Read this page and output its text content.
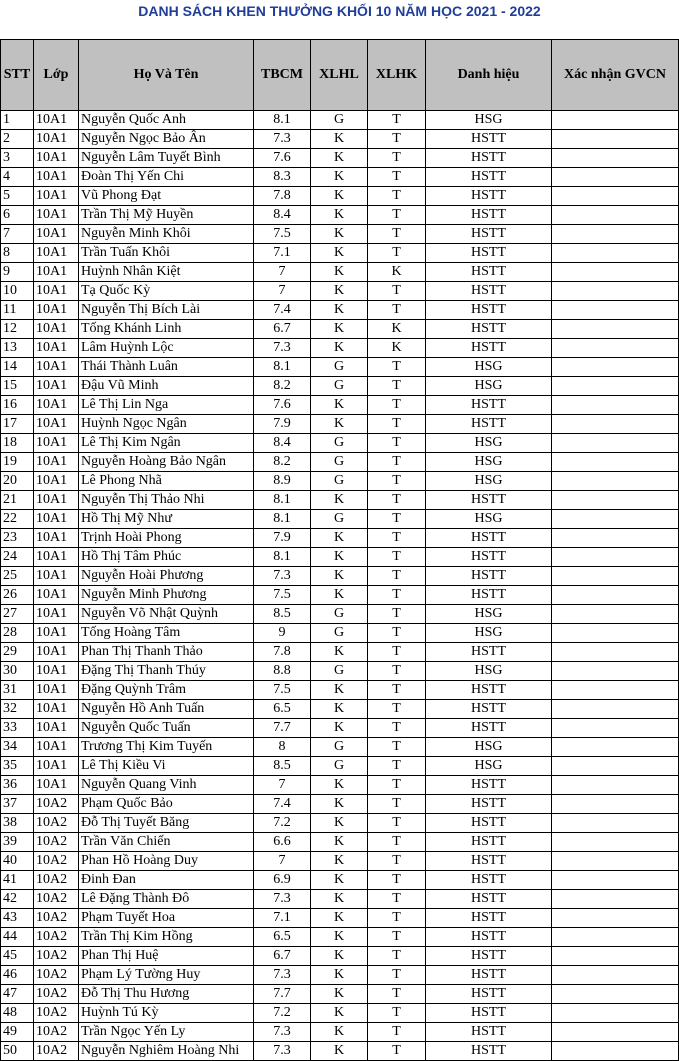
DANH SÁCH KHEN THƯỞNG KHỐI 10 NĂM HỌC 2021 - 2022
STT	Lớp	Họ Và Tên	TBCM	XLHL	XLHK	Danh hiệu	Xác nhận GVCN
1	10A1	Nguyễn Quốc Anh	8.1	G	T	HSG	
2	10A1	Nguyễn Ngọc Bảo Ân	7.3	K	T	HSTT	
3	10A1	Nguyễn Lâm Tuyết Bình	7.6	K	T	HSTT	
4	10A1	Đoàn Thị Yến Chi	8.3	K	T	HSTT	
5	10A1	Vũ Phong Đạt	7.8	K	T	HSTT	
6	10A1	Trần Thị Mỹ Huyền	8.4	K	T	HSTT	
7	10A1	Nguyễn Minh Khôi	7.5	K	T	HSTT	
8	10A1	Trần Tuấn Khôi	7.1	K	T	HSTT	
9	10A1	Huỳnh Nhân Kiệt	7	K	K	HSTT	
10	10A1	Tạ Quốc Kỳ	7	K	T	HSTT	
11	10A1	Nguyễn Thị Bích Lài	7.4	K	T	HSTT	
12	10A1	Tống Khánh Linh	6.7	K	K	HSTT	
13	10A1	Lâm Huỳnh Lộc	7.3	K	K	HSTT	
14	10A1	Thái Thành Luân	8.1	G	T	HSG	
15	10A1	Đậu Vũ Minh	8.2	G	T	HSG	
16	10A1	Lê Thị Lin Nga	7.6	K	T	HSTT	
17	10A1	Huỳnh Ngọc Ngân	7.9	K	T	HSTT	
18	10A1	Lê Thị Kim Ngân	8.4	G	T	HSG	
19	10A1	Nguyễn Hoàng Bảo Ngân	8.2	G	T	HSG	
20	10A1	Lê Phong Nhã	8.9	G	T	HSG	
21	10A1	Nguyễn Thị Thảo Nhi	8.1	K	T	HSTT	
22	10A1	Hồ Thị Mỹ Như	8.1	G	T	HSG	
23	10A1	Trịnh Hoài Phong	7.9	K	T	HSTT	
24	10A1	Hồ Thị Tâm Phúc	8.1	K	T	HSTT	
25	10A1	Nguyễn Hoài Phương	7.3	K	T	HSTT	
26	10A1	Nguyễn Minh Phương	7.5	K	T	HSTT	
27	10A1	Nguyễn Võ Nhật Quỳnh	8.5	G	T	HSG	
28	10A1	Tống Hoàng Tâm	9	G	T	HSG	
29	10A1	Phan Thị Thanh Thảo	7.8	K	T	HSTT	
30	10A1	Đặng Thị Thanh Thúy	8.8	G	T	HSG	
31	10A1	Đặng Quỳnh Trâm	7.5	K	T	HSTT	
32	10A1	Nguyễn Hồ Anh Tuấn	6.5	K	T	HSTT	
33	10A1	Nguyễn Quốc Tuấn	7.7	K	T	HSTT	
34	10A1	Trương Thị Kim Tuyến	8	G	T	HSG	
35	10A1	Lê Thị Kiều Vi	8.5	G	T	HSG	
36	10A1	Nguyễn Quang Vinh	7	K	T	HSTT	
37	10A2	Phạm Quốc Bảo	7.4	K	T	HSTT	
38	10A2	Đỗ Thị Tuyết Băng	7.2	K	T	HSTT	
39	10A2	Trần Văn Chiến	6.6	K	T	HSTT	
40	10A2	Phan Hồ Hoàng Duy	7	K	T	HSTT	
41	10A2	Đinh Đan	6.9	K	T	HSTT	
42	10A2	Lê Đặng Thành Đô	7.3	K	T	HSTT	
43	10A2	Phạm Tuyết Hoa	7.1	K	T	HSTT	
44	10A2	Trần Thị Kim Hồng	6.5	K	T	HSTT	
45	10A2	Phan Thị Huệ	6.7	K	T	HSTT	
46	10A2	Phạm Lý Tường Huy	7.3	K	T	HSTT	
47	10A2	Đỗ Thị Thu Hương	7.7	K	T	HSTT	
48	10A2	Huỳnh Tú Kỳ	7.2	K	T	HSTT	
49	10A2	Trần Ngọc Yến Ly	7.3	K	T	HSTT	
50	10A2	Nguyễn Nghiêm Hoàng Nhi	7.3	K	T	HSTT	
